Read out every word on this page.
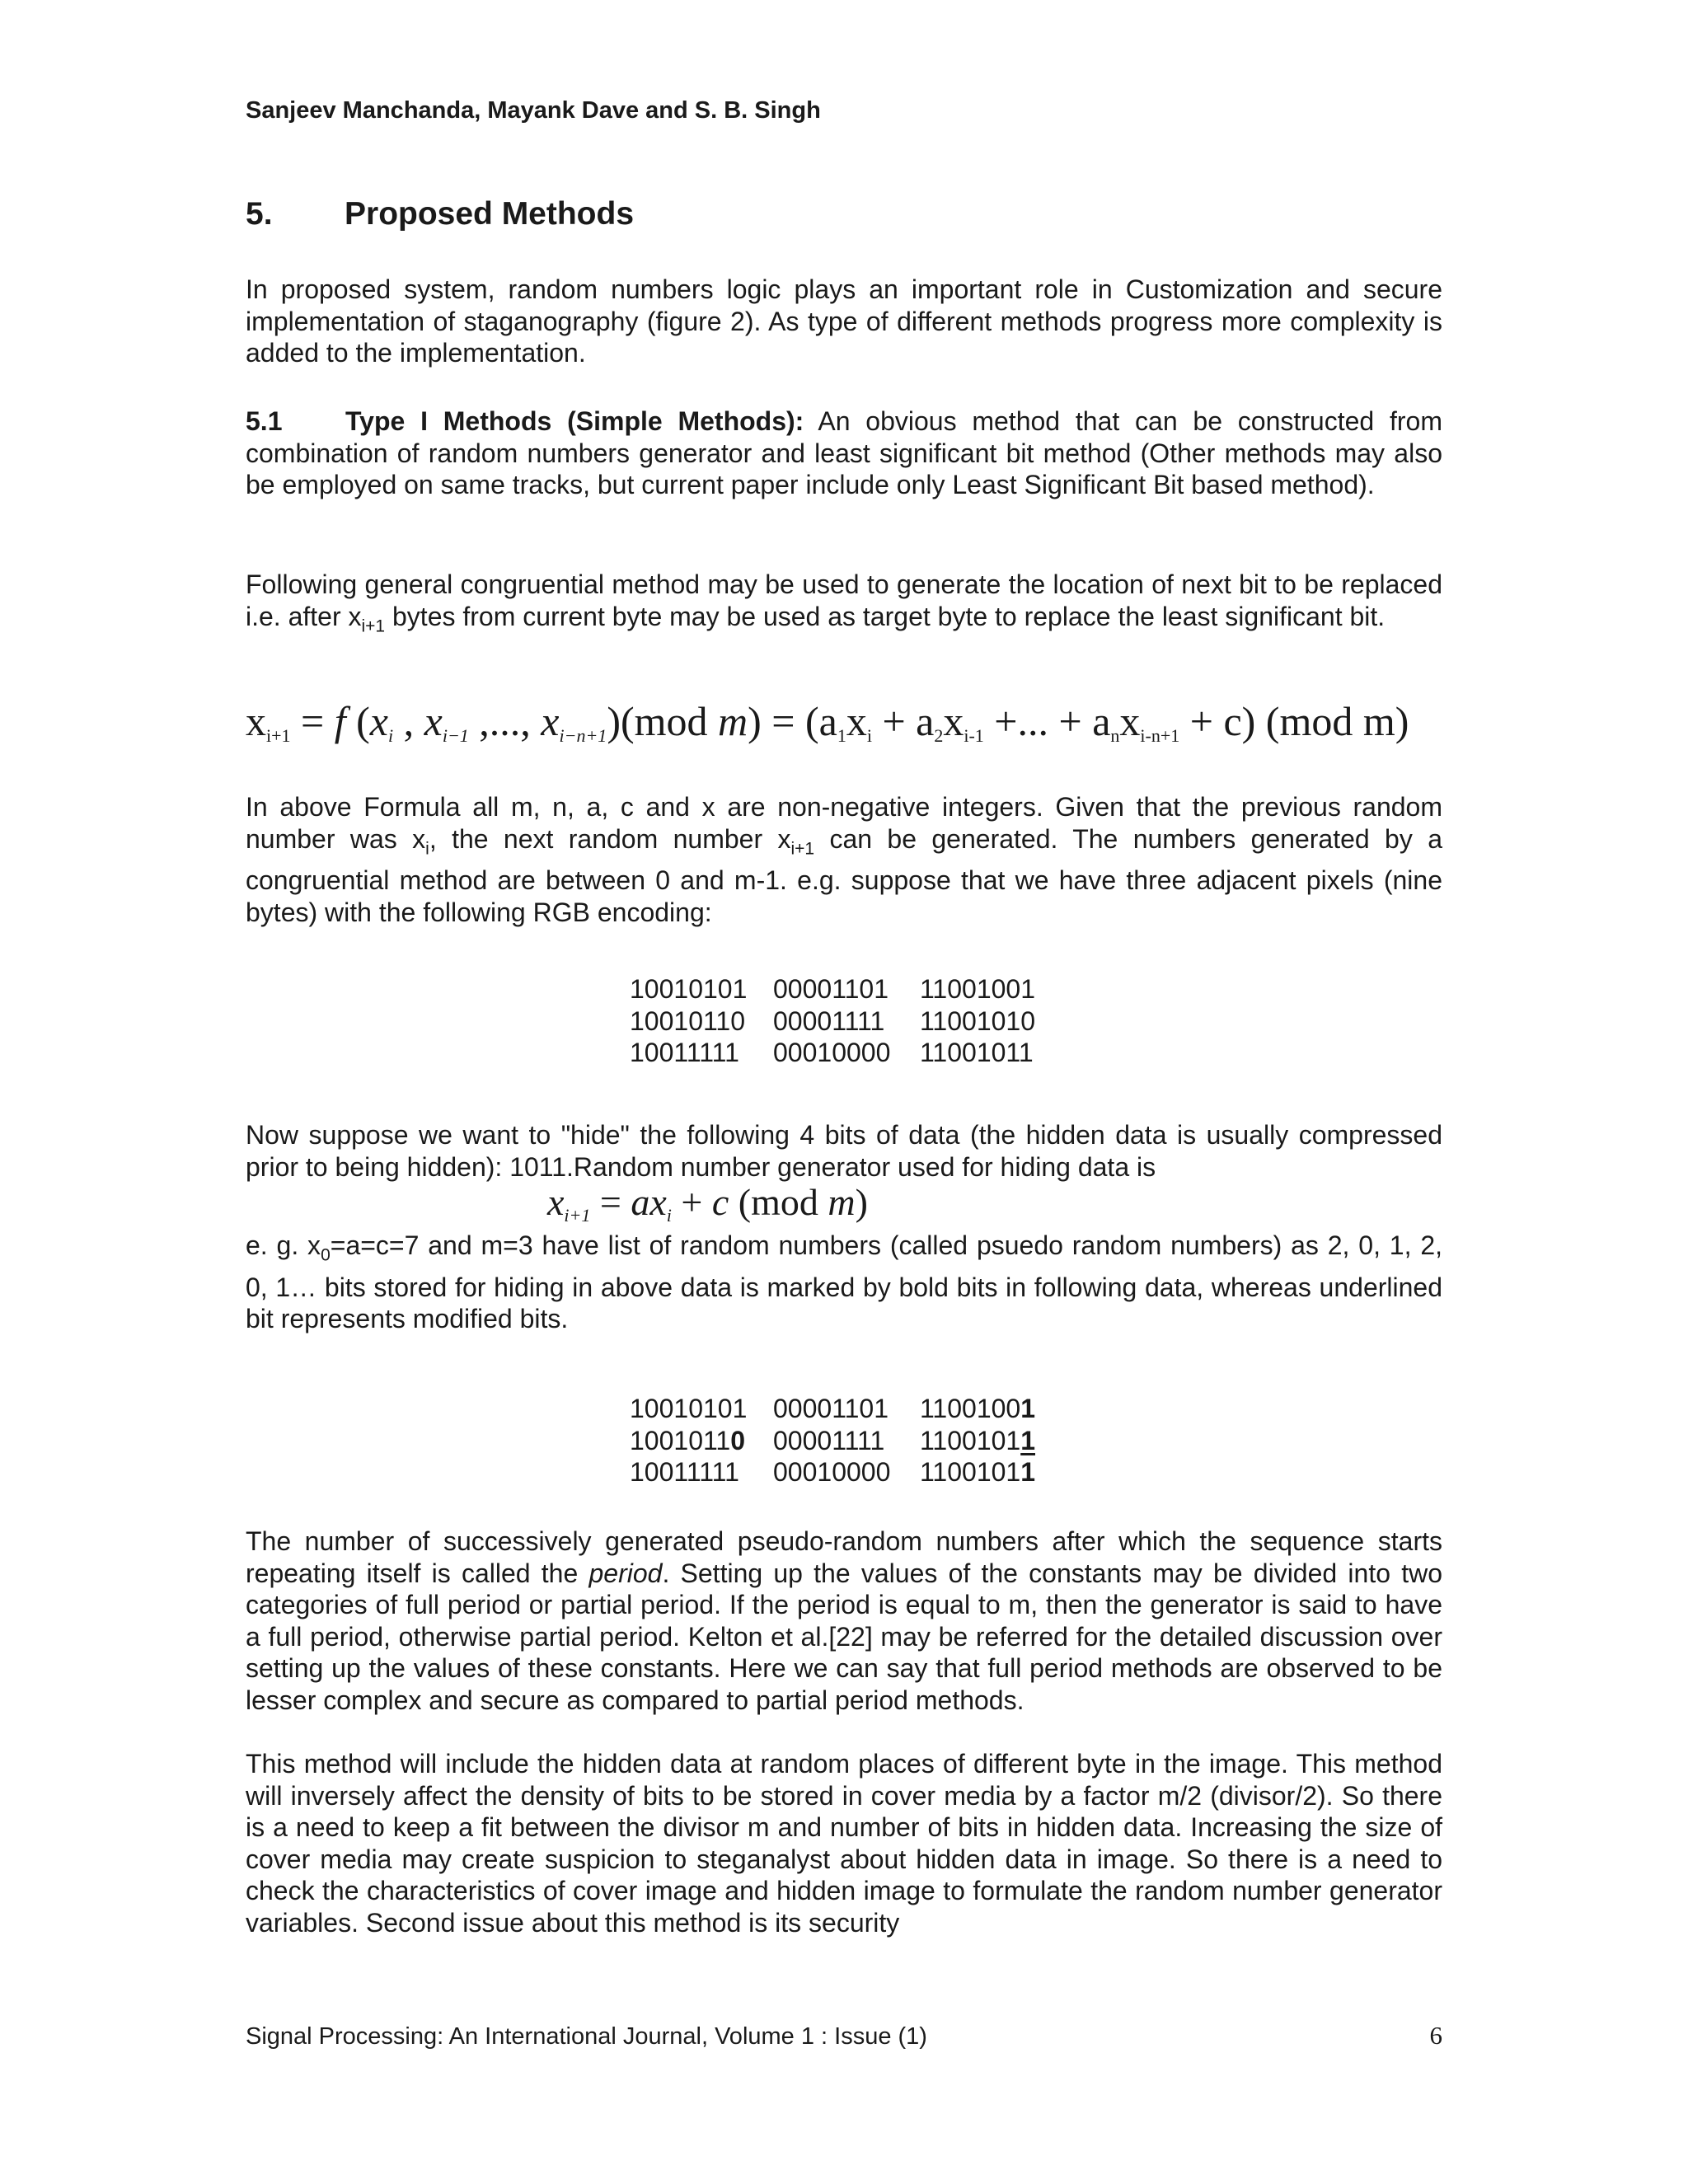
Sanjeev Manchanda, Mayank Dave and S. B. Singh
5. Proposed Methods

In proposed system, random numbers logic plays an important role in Customization and secure implementation of staganography (figure 2). As type of different methods progress more complexity is added to the implementation.

5.1 Type I Methods (Simple Methods): An obvious method that can be constructed from combination of random numbers generator and least significant bit method (Other methods may also be employed on same tracks, but current paper include only Least Significant Bit based method).

Following general congruential method may be used to generate the location of next bit to be replaced i.e. after $x_{i+1}$ bytes from current byte may be used as target byte to replace the least significant bit.

$x_{i+1} = f$ ($x_i$ , $x_{i-1}$ ,..., $x_{i-n+1})(mod$ $m) = (a_1x_i + a_2x_{i-1}$ +... + $a_nx_{i-n+1} + c$) (mod m)

In above Formula all m, n, a, c and x are non-negative integers. Given that the previous random number was $x_i$, the next random number $x_{i+1}$ can be generated. The numbers generated by a congruential method are between 0 and m-1. e.g. suppose that we have three adjacent pixels (nine bytes) with the following RGB encoding:

10010101 00001101 11001001
10010110 00001111 11001010
10011111 00010000 11001011

Now suppose we want to "hide" the following 4 bits of data (the hidden data is usually compressed prior to being hidden): 1011.Random number generator used for hiding data is

$x_{i+1} = ax_i + c$ (mod m)

e. g. $x_0=a=c=7$ and m=3 have list of random numbers (called psuedo random numbers) as 2, 0, 1, 2, 0, 1… bits stored for hiding in above data is marked by bold bits in following data, whereas underlined bit represents modified bits.

10010101 00001101 11001001
10010110 00001111 11001011
10011111 00010000 11001011

The number of successively generated pseudo-random numbers after which the sequence starts repeating itself is called the period. Setting up the values of the constants may be divided into two categories of full period or partial period. If the period is equal to m, then the generator is said to have a full period, otherwise partial period. Kelton et al.[22] may be referred for the detailed discussion over setting up the values of these constants. Here we can say that full period methods are observed to be lesser complex and secure as compared to partial period methods.

This method will include the hidden data at random places of different byte in the image. This method will inversely affect the density of bits to be stored in cover media by a factor m/2 (divisor/2). So there is a need to keep a fit between the divisor m and number of bits in hidden data. Increasing the size of cover media may create suspicion to steganalyst about hidden data in image. So there is a need to check the characteristics of cover image and hidden image to formulate the random number generator variables. Second issue about this method is its security

Signal Processing: An International Journal, Volume 1 : Issue (1)	6
